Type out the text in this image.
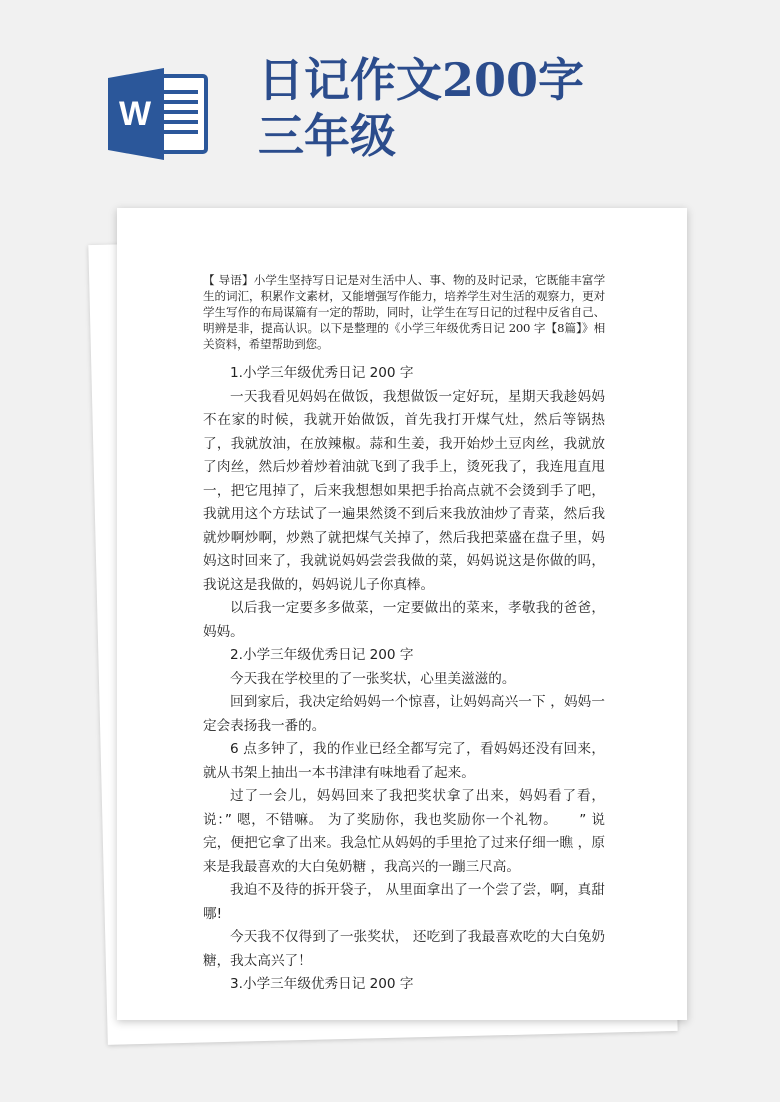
W
日记作文200字
三年级

【 导语】小学生坚持写日记是对生活中人、事、物的及时记录，它既能丰富学生的词汇，积累作文素材，又能增强写作能力，培养学生对生活的观察力，更对学生写作的布局谋篇有一定的帮助，同时，让学生在写日记的过程中反省自己、明辨是非，提高认识。以下是整理的《小学三年级优秀日记 200 字【8篇】》相关资料，希望帮助到您。

1.小学三年级优秀日记 200 字

一天我看见妈妈在做饭，我想做饭一定好玩，星期天我趁妈妈不在家的时候，我就开始做饭，首先我打开煤气灶，然后等锅热了，我就放油，在放辣椒。蒜和生姜，我开始炒土豆肉丝，我就放了肉丝，然后炒着炒着油就飞到了我手上，烫死我了，我连甩直甩一，把它甩掉了，后来我想想如果把手抬高点就不会烫到手了吧，我就用这个方珐试了一遍果然烫不到后来我放油炒了青菜，然后我就炒啊炒啊，炒熟了就把煤气关掉了，然后我把菜盛在盘子里，妈妈这时回来了，我就说妈妈尝尝我做的菜，妈妈说这是你做的吗，我说这是我做的，妈妈说儿子你真棒。

以后我一定要多多做菜，一定要做出的菜来，孝敬我的爸爸，妈妈。

2.小学三年级优秀日记 200 字

今天我在学校里的了一张奖状，心里美滋滋的。

回到家后，我决定给妈妈一个惊喜，让妈妈高兴一下 ，妈妈一定会表扬我一番的。

6 点多钟了，我的作业已经全都写完了，看妈妈还没有回来，就从书架上抽出一本书津津有味地看了起来。

过了一会儿，妈妈回来了我把奖状拿了出来，妈妈看了看，说：” 嗯，不错嘛。 为了奖励你，我也奖励你一个礼物。　　” 说完，便把它拿了出来。我急忙从妈妈的手里抢了过来仔细一瞧 ，原来是我最喜欢的大白兔奶糖 ，我高兴的一蹦三尺高。

我迫不及待的拆开袋子， 从里面拿出了一个尝了尝，啊，真甜哪!

今天我不仅得到了一张奖状， 还吃到了我最喜欢吃的大白兔奶糖，我太高兴了！

3.小学三年级优秀日记 200 字
